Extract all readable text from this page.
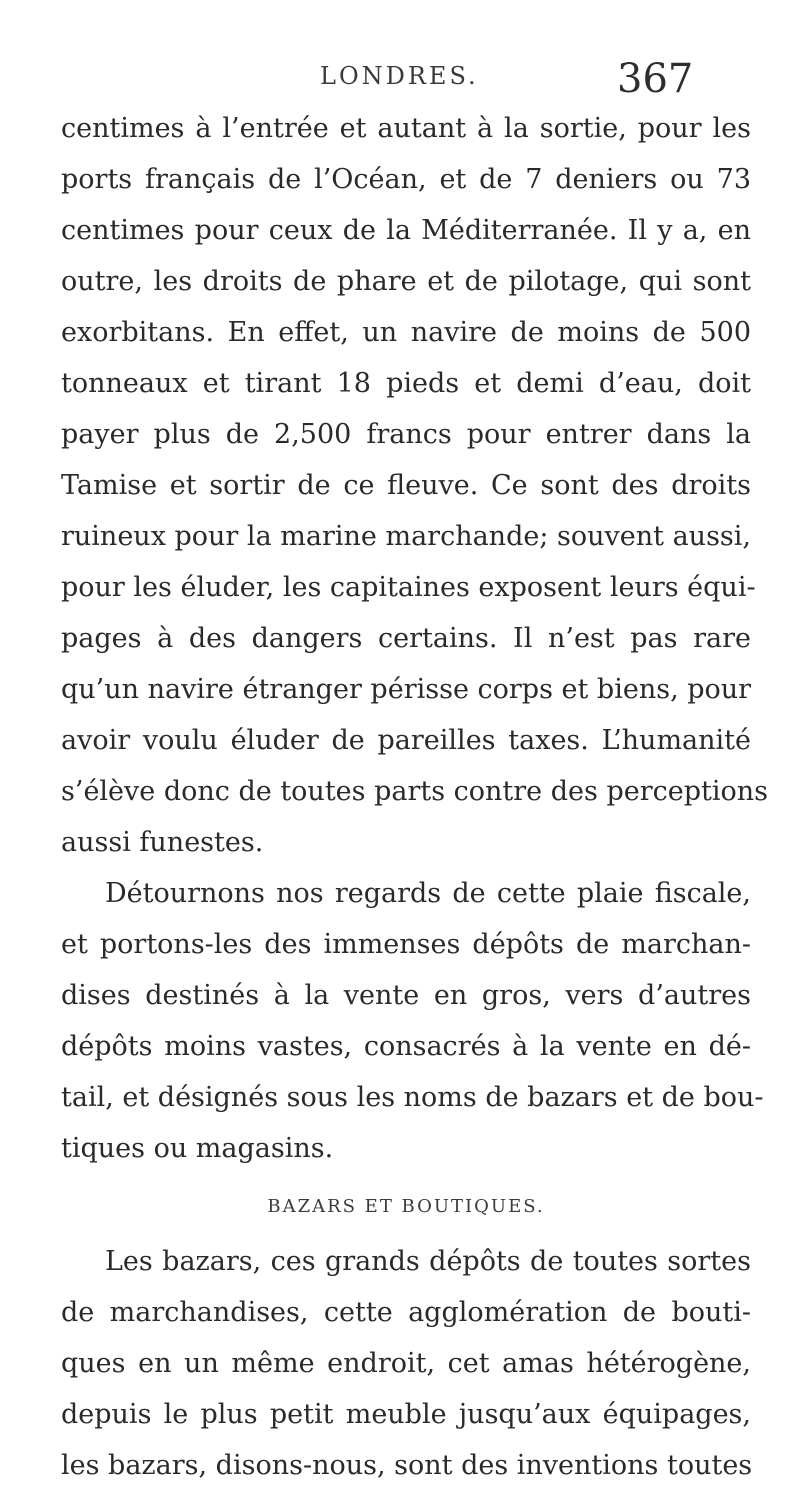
LONDRES.	367
centimes à l’entrée et autant à la sortie, pour les
ports français de l’Océan, et de 7 deniers ou 73
centimes pour ceux de la Méditerranée. Il y a, en
outre, les droits de phare et de pilotage, qui sont
exorbitans. En effet, un navire de moins de 500
tonneaux et tirant 18 pieds et demi d’eau, doit
payer plus de 2,500 francs pour entrer dans la
Tamise et sortir de ce fleuve. Ce sont des droits
ruineux pour la marine marchande; souvent aussi,
pour les éluder, les capitaines exposent leurs équi-
pages à des dangers certains. Il n’est pas rare
qu’un navire étranger périsse corps et biens, pour
avoir voulu éluder de pareilles taxes. L’humanité
s’élève donc de toutes parts contre des perceptions
aussi funestes.
Détournons nos regards de cette plaie fiscale,
et portons-les des immenses dépôts de marchan-
dises destinés à la vente en gros, vers d’autres
dépôts moins vastes, consacrés à la vente en dé-
tail, et désignés sous les noms de bazars et de bou-
tiques ou magasins.
BAZARS ET BOUTIQUES.
Les bazars, ces grands dépôts de toutes sortes
de marchandises, cette agglomération de bouti-
ques en un même endroit, cet amas hétérogène,
depuis le plus petit meuble jusqu’aux équipages,
les bazars, disons-nous, sont des inventions toutes
